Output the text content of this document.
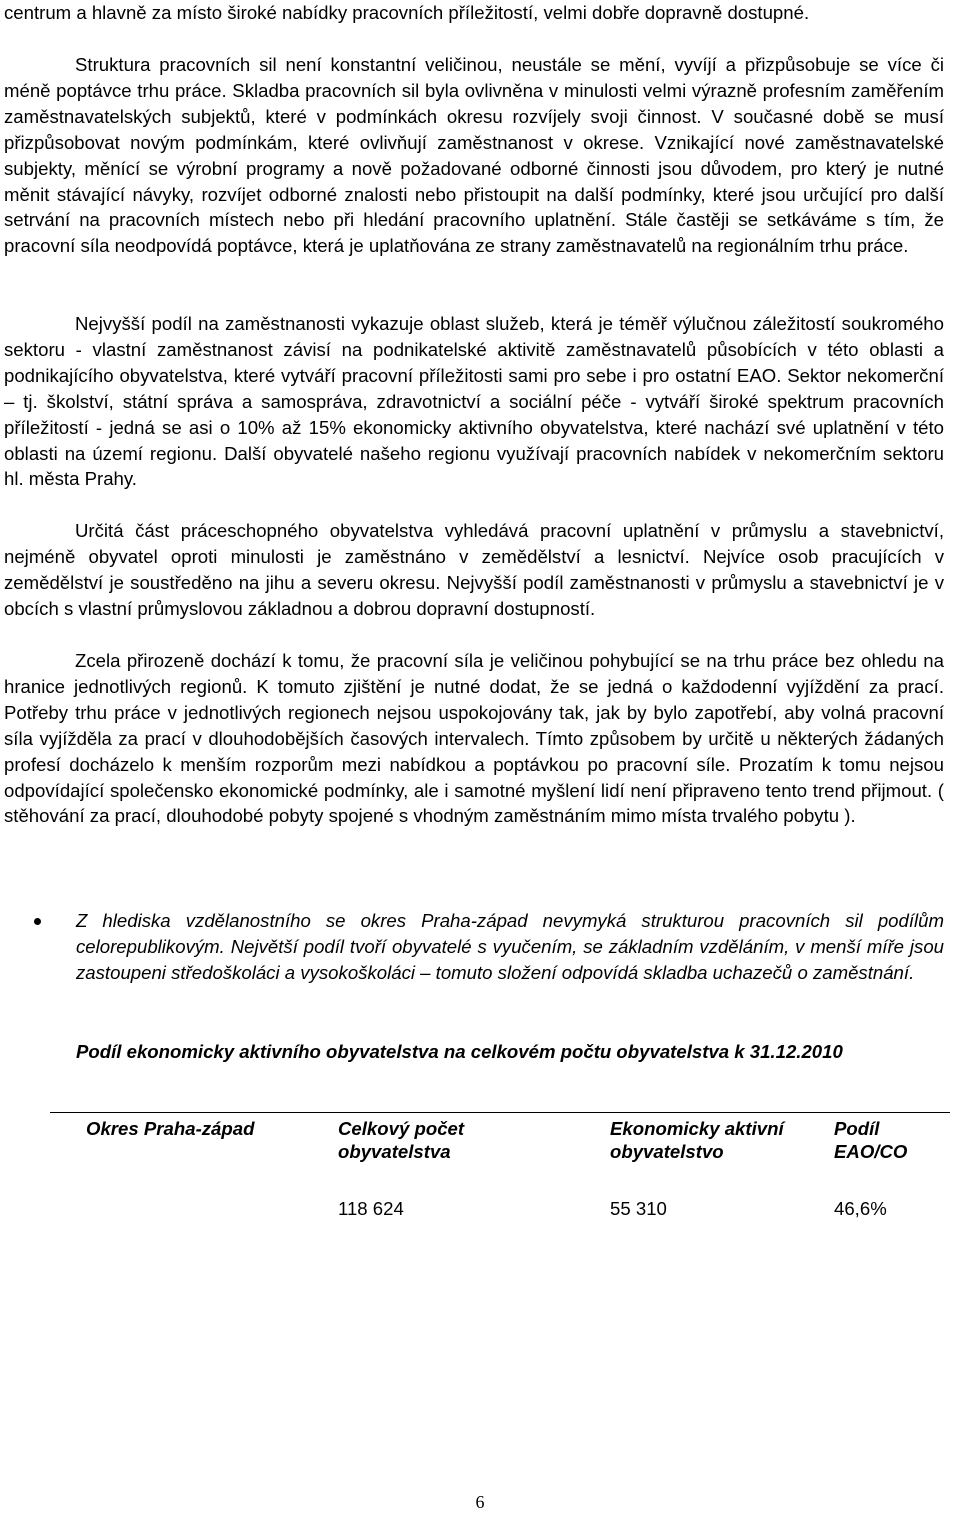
centrum a hlavně za místo široké nabídky pracovních příležitostí, velmi dobře dopravně dostupné.

Struktura pracovních sil není konstantní veličinou, neustále se mění, vyvíjí a přizpůsobuje se více či méně poptávce trhu práce. Skladba pracovních sil byla ovlivněna v minulosti velmi výrazně profesním zaměřením zaměstnavatelských subjektů, které v podmínkách okresu rozvíjely svoji činnost. V současné době se musí přizpůsobovat novým podmínkám, které ovlivňují zaměstnanost v okrese. Vznikající nové zaměstnavatelské subjekty, měnící se výrobní programy a nově požadované odborné činnosti jsou důvodem, pro který je nutné měnit stávající návyky, rozvíjet odborné znalosti nebo přistoupit na další podmínky, které jsou určující pro další setrvání na pracovních místech nebo při hledání pracovního uplatnění. Stále častěji se setkáváme s tím, že pracovní síla neodpovídá poptávce, která je uplatňována ze strany zaměstnavatelů na regionálním trhu práce.

Nejvyšší podíl na zaměstnanosti vykazuje oblast služeb, která je téměř výlučnou záležitostí soukromého sektoru - vlastní zaměstnanost závisí na podnikatelské aktivitě zaměstnavatelů působících v této oblasti a podnikajícího obyvatelstva, které vytváří pracovní příležitosti sami pro sebe i pro ostatní EAO. Sektor nekomerční – tj. školství, státní správa a samospráva, zdravotnictví a sociální péče - vytváří široké spektrum pracovních příležitostí - jedná se asi o 10% až 15% ekonomicky aktivního obyvatelstva, které nachází své uplatnění v této oblasti na území regionu. Další obyvatelé našeho regionu využívají pracovních nabídek v nekomerčním sektoru hl. města Prahy.

Určitá část práceschopného obyvatelstva vyhledává pracovní uplatnění v průmyslu a stavebnictví, nejméně obyvatel oproti minulosti je zaměstnáno v zemědělství a lesnictví. Nejvíce osob pracujících v zemědělství je soustředěno na jihu a severu okresu. Nejvyšší podíl zaměstnanosti v průmyslu a stavebnictví je v obcích s vlastní průmyslovou základnou a dobrou dopravní dostupností.

Zcela přirozeně dochází k tomu, že pracovní síla je veličinou pohybující se na trhu práce bez ohledu na hranice jednotlivých regionů. K tomuto zjištění je nutné dodat, že se jedná o každodenní vyjíždění za prací. Potřeby trhu práce v jednotlivých regionech nejsou uspokojovány tak, jak by bylo zapotřebí, aby volná pracovní síla vyjížděla za prací v dlouhodobějších časových intervalech. Tímto způsobem by určitě u některých žádaných profesí docházelo k menším rozporům mezi nabídkou a poptávkou po pracovní síle. Prozatím k tomu nejsou odpovídající společensko ekonomické podmínky, ale i samotné myšlení lidí není připraveno tento trend přijmout. ( stěhování za prací, dlouhodobé pobyty spojené s vhodným zaměstnáním mimo místa trvalého pobytu ).

Z hlediska vzdělanostního se okres Praha-západ nevymyká strukturou pracovních sil podílům celorepublikovým. Největší podíl tvoří obyvatelé s vyučením, se základním vzděláním, v menší míře jsou zastoupeni středoškoláci a vysokoškoláci – tomuto složení odpovídá skladba uchazečů o zaměstnání.

Podíl ekonomicky aktivního obyvatelstva na celkovém počtu obyvatelstva k 31.12.2010

Okres Praha-západ	Celkový počet obyvatelstva	Ekonomicky aktivní obyvatelstvo	Podíl EAO/CO
	118 624	55 310	46,6%
6
